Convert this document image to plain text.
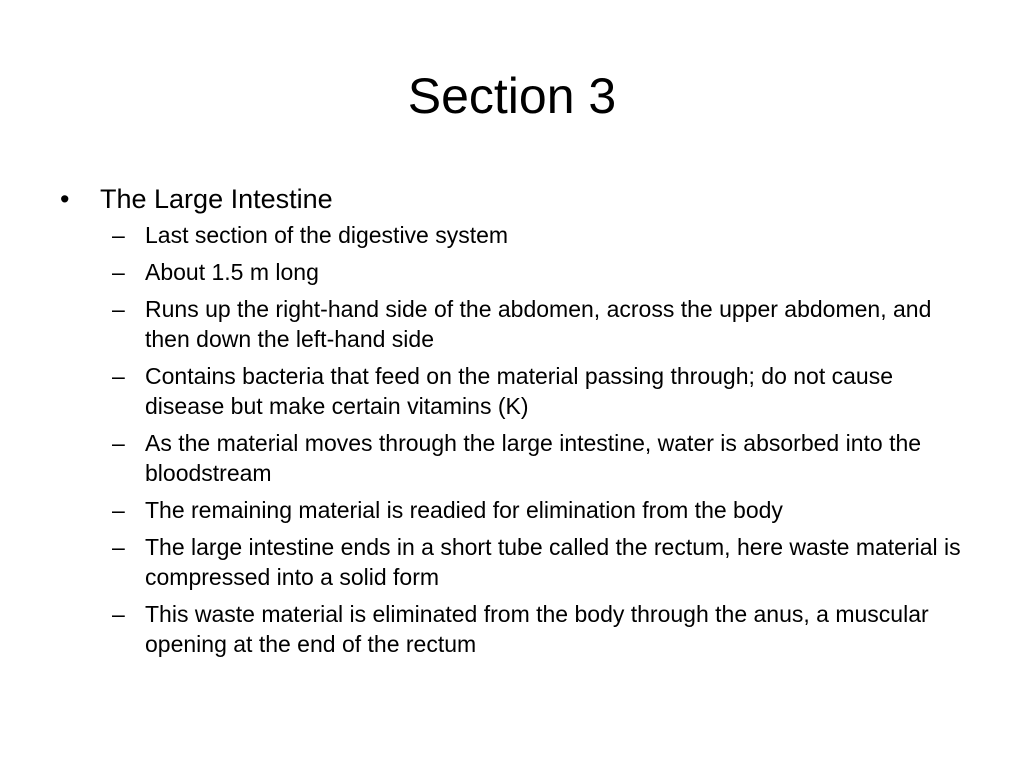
Section 3
•	The Large Intestine
– Last section of the digestive system
– About 1.5 m long
– Runs up the right-hand side of the abdomen, across the upper abdomen, and then down the left-hand side
– Contains bacteria that feed on the material passing through; do not cause disease but make certain vitamins (K)
– As the material moves through the large intestine, water is absorbed into the bloodstream
– The remaining material is readied for elimination from the body
– The large intestine ends in a short tube called the rectum, here waste material is compressed into a solid form
– This waste material is eliminated from the body through the anus, a muscular opening at the end of the rectum
